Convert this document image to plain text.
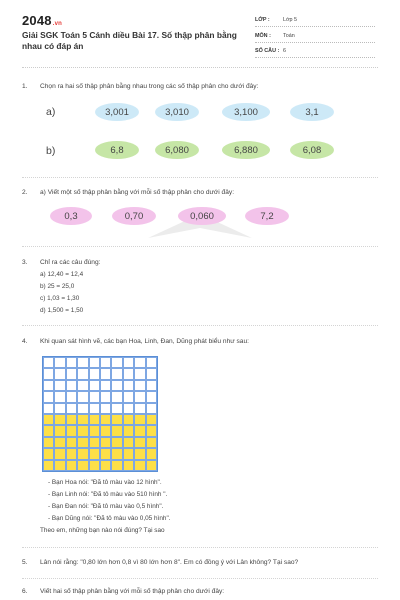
2048.vn
Giải SGK Toán 5 Cánh diều Bài 17. Số thập phân bằng nhau có đáp án
LỚP : Lớp 5
MÔN : Toán
SỐ CÂU : 6
1. Chọn ra hai số thập phân bằng nhau trong các số thập phân cho dưới đây:
a)	3,001	3,010	3,100	3,1
b)	6,8	6,080	6,880	6,08
2. a) Viết một số thập phân bằng với mỗi số thập phân cho dưới đây:
0,3	0,70	0,060	7,2
3. Chỉ ra các câu đúng:
a) 12,40 = 12,4
b) 25 = 25,0
c) 1,03 = 1,30
d) 1,500 = 1,50
4. Khi quan sát hình vẽ, các bạn Hoa, Linh, Đan, Dũng phát biểu như sau:
- Bạn Hoa nói: "Đã tô màu vào 12 hình".
- Bạn Linh nói: "Đã tô màu vào 510 hình ".
- Bạn Đan nói: "Đã tô màu vào 0,5 hình".
- Bạn Dũng nói: "Đã tô màu vào 0,05 hình".
Theo em, những bạn nào nói đúng? Tại sao
5. Lân nói rằng: "0,80 lớn hơn 0,8 vì 80 lớn hơn 8". Em có đồng ý với Lân không? Tại sao?
6. Viết hai số thập phân bằng với mỗi số thập phân cho dưới đây:
